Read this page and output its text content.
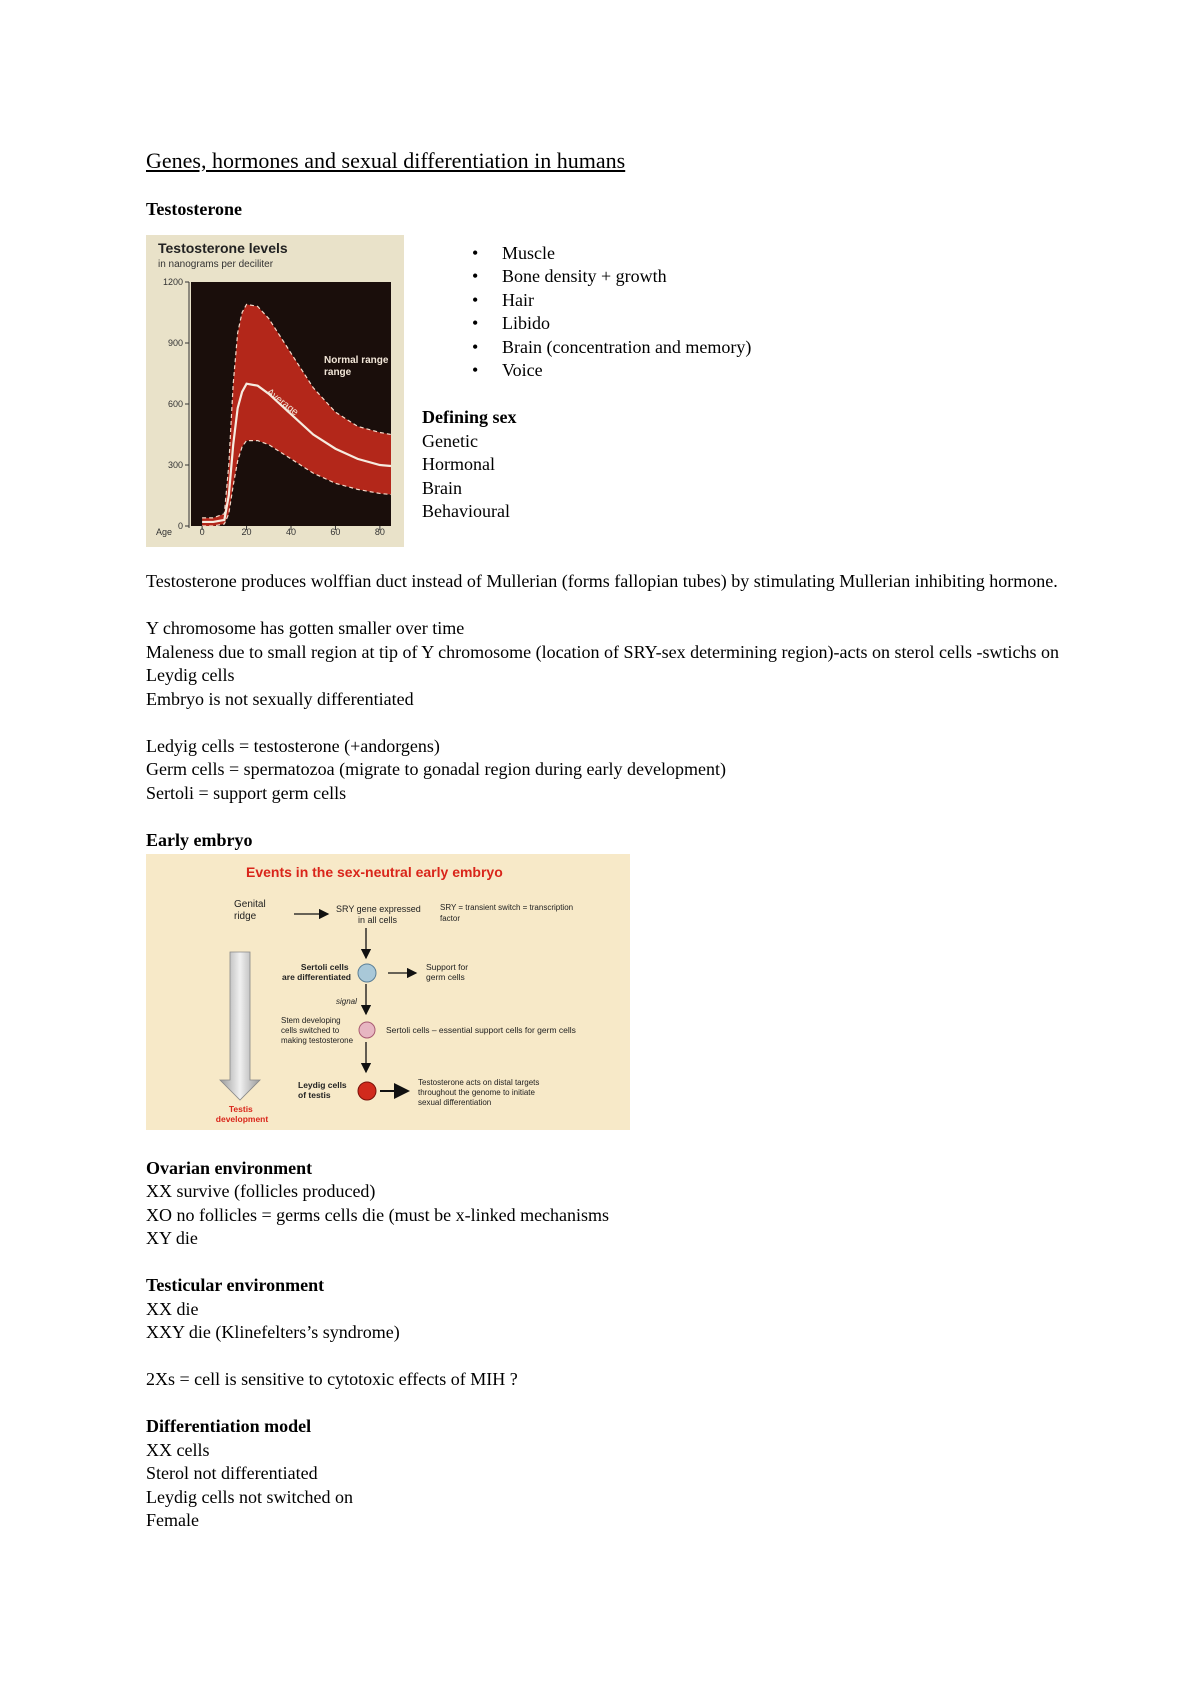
Genes, hormones and sexual differentiation in humans
Testosterone
Testosterone levels
in nanograms per deciliter
0
300
600
900
1200
0	20	40	60	80
Normal range
range
Average
Age
• Muscle
• Bone density + growth
• Hair
• Libido
• Brain (concentration and memory)
• Voice
Defining sex
Genetic
Hormonal
Brain
Behavioural

Testosterone produces wolffian duct instead of Mullerian (forms fallopian tubes) by stimulating Mullerian inhibiting hormone.

Y chromosome has gotten smaller over time

Maleness due to small region at tip of Y chromosome (location of SRY-sex determining region)-acts on sterol cells -swtichs on Leydig cells

Embryo is not sexually differentiated

Ledyig cells = testosterone (+andorgens)

Germ cells = spermatozoa (migrate to gonadal region during early development)

Sertoli = support germ cells

Early embryo
Events in the sex-neutral early embryo
Genital ridge
SRY gene expressed in all cells
SRY = transient switch = transcription factor
Sertoli cells are differentiated
Support for germ cells
signal
Stem developing cells switched to making testosterone
Sertoli cells – essential support cells for germ cells
Leydig cells of testis
Testosterone acts on distal targets throughout the genome to initiate sexual differentiation
Testis development
Ovarian environment

XX survive (follicles produced)

XO no follicles = germs cells die (must be x-linked mechanisms

XY die

Testicular environment

XX die

XXY die (Klinefelters’s syndrome)

2Xs = cell is sensitive to cytotoxic effects of MIH ?

Differentiation model

XX cells

Sterol not differentiated

Leydig cells not switched on

Female
